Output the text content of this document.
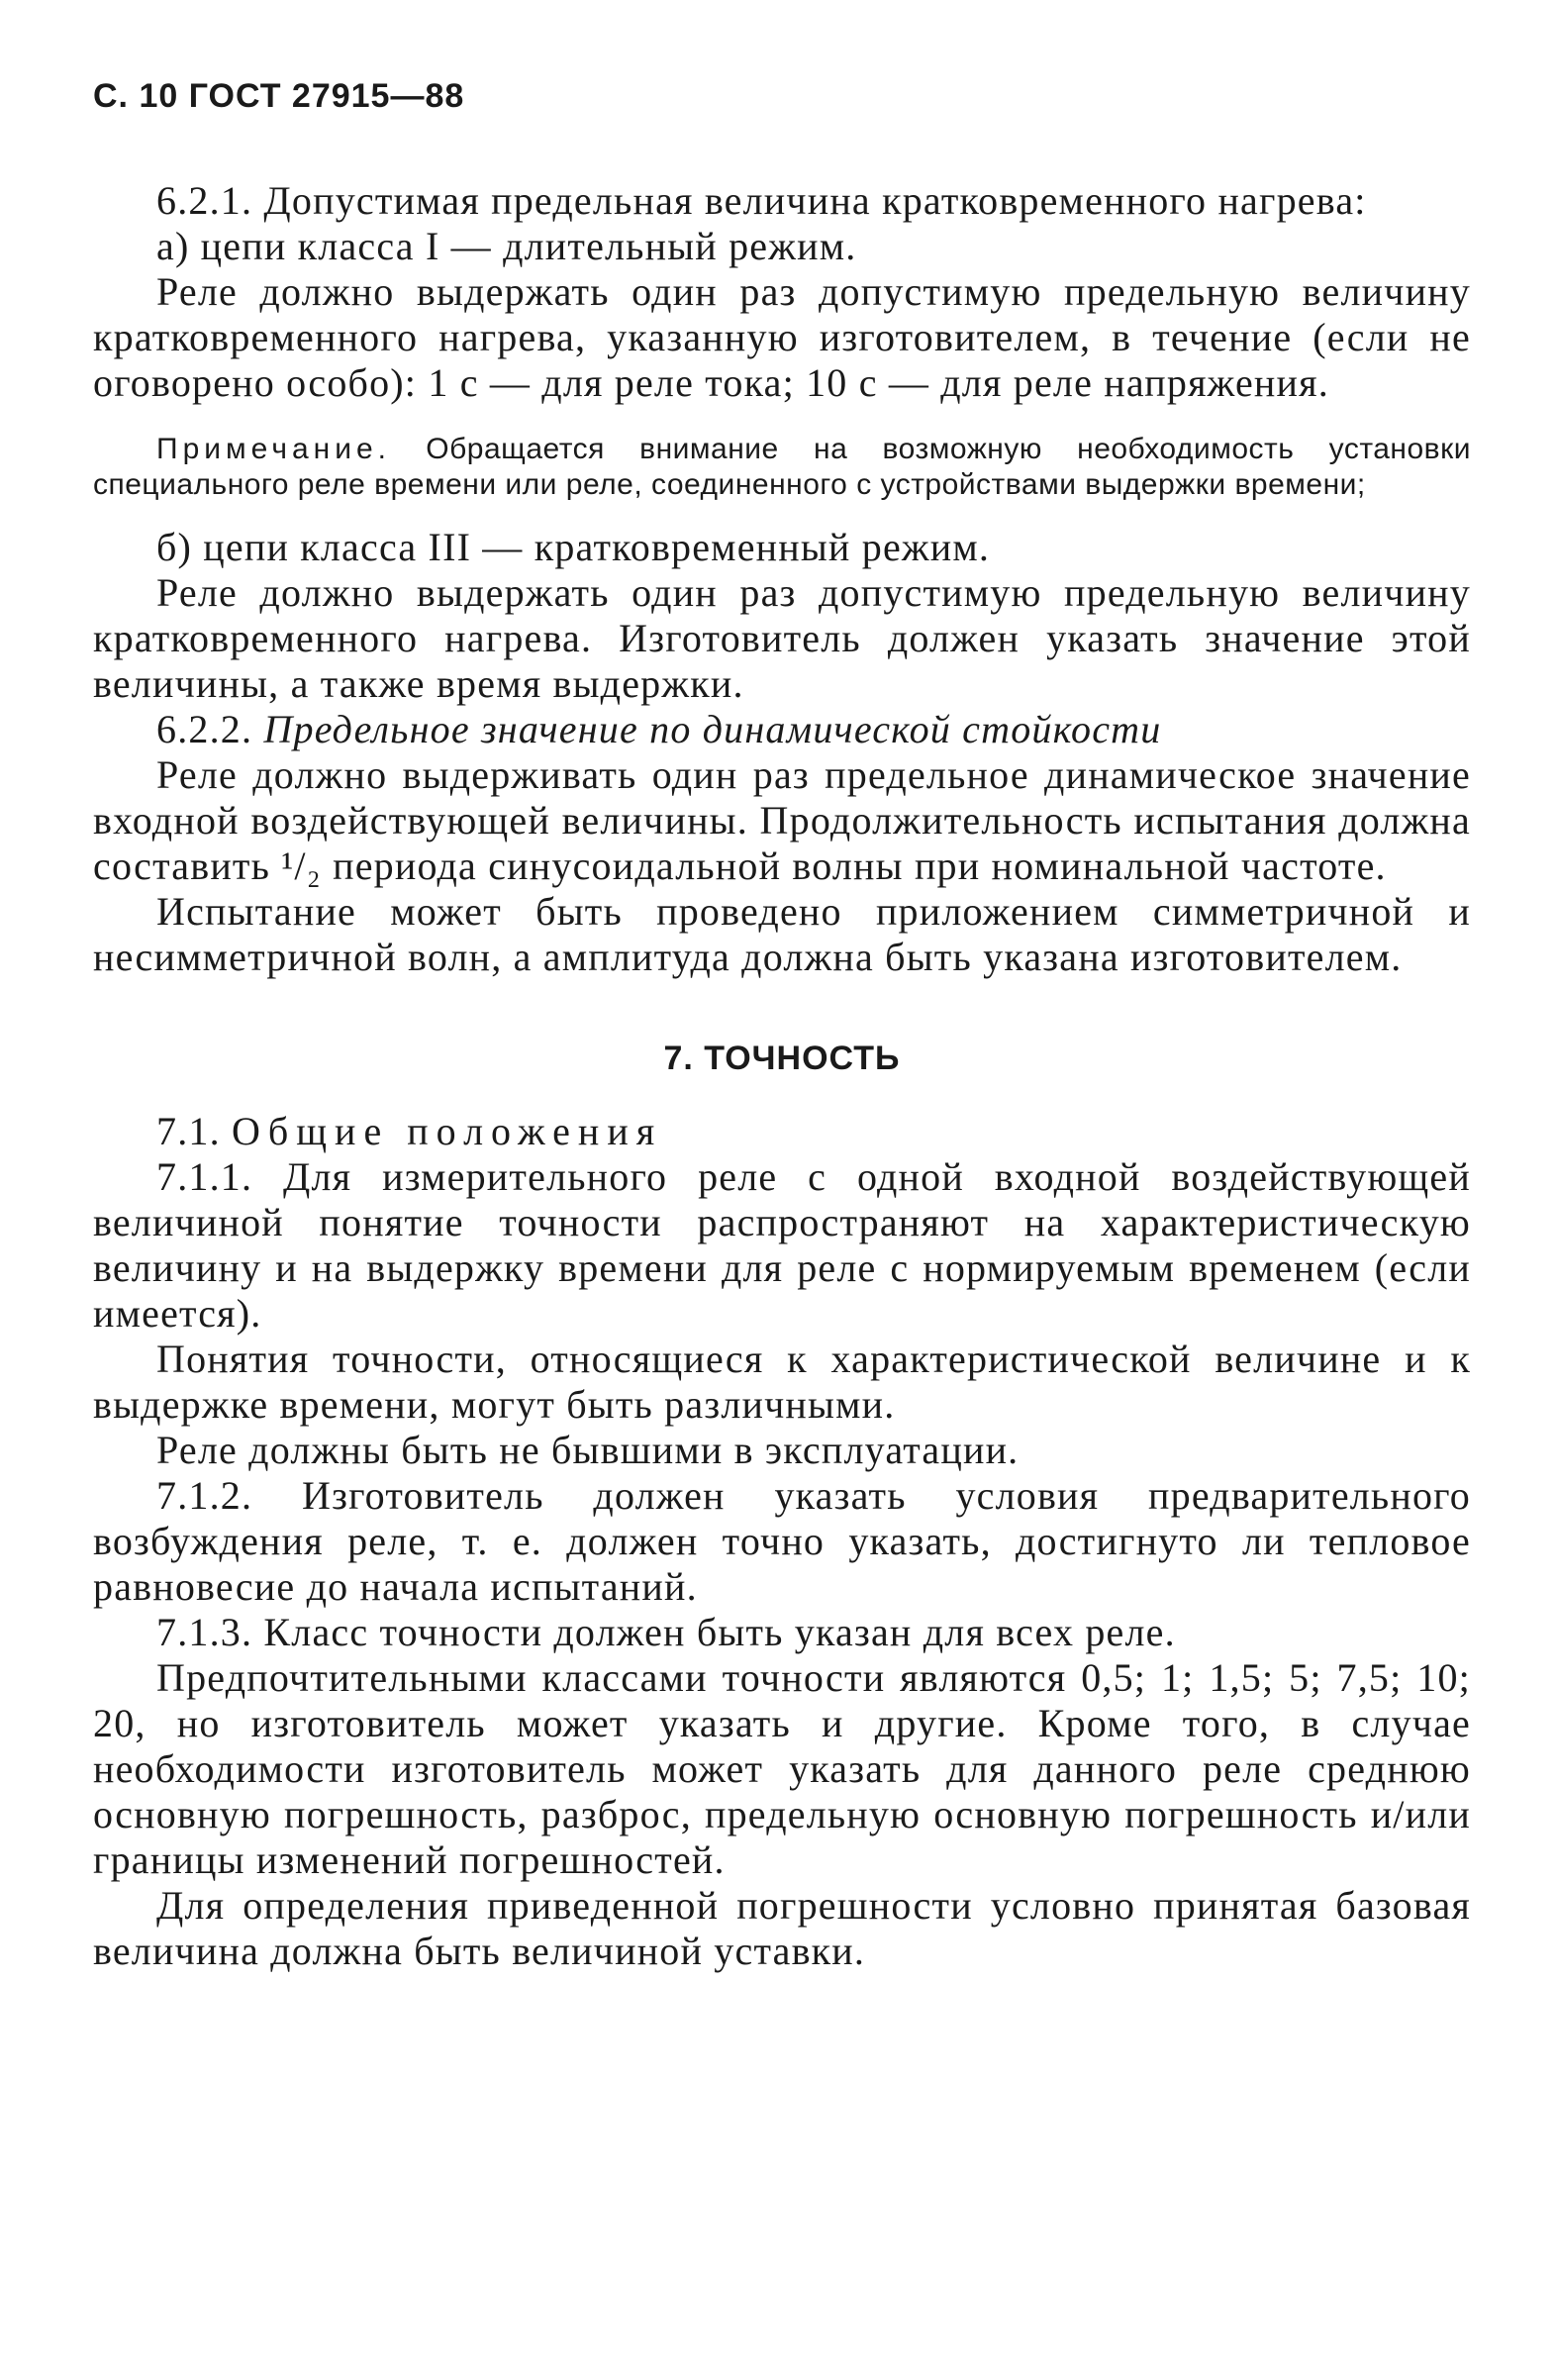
С. 10 ГОСТ 27915—88

6.2.1. Допустимая предельная величина кратковременного нагрева:

а) цепи класса I — длительный режим.

Реле должно выдержать один раз допустимую предельную величину кратковременного нагрева, указанную изготовителем, в течение (если не оговорено особо): 1 с — для реле тока; 10 с — для реле напряжения.

Примечание. Обращается внимание на возможную необходимость установки специального реле времени или реле, соединенного с устройствами выдержки времени;

б) цепи класса III — кратковременный режим.

Реле должно выдержать один раз допустимую предельную величину кратковременного нагрева. Изготовитель должен указать значение этой величины, а также время выдержки.

6.2.2. Предельное значение по динамической стойкости

Реле должно выдерживать один раз предельное динамическое значение входной воздействующей величины. Продолжительность испытания должна составить ¹/₂ периода синусоидальной волны при номинальной частоте.

Испытание может быть проведено приложением симметричной и несимметричной волн, а амплитуда должна быть указана изготовителем.

7. ТОЧНОСТЬ

7.1. Общие положения

7.1.1. Для измерительного реле с одной входной воздействующей величиной понятие точности распространяют на характеристическую величину и на выдержку времени для реле с нормируемым временем (если имеется).

Понятия точности, относящиеся к характеристической величине и к выдержке времени, могут быть различными.

Реле должны быть не бывшими в эксплуатации.

7.1.2. Изготовитель должен указать условия предварительного возбуждения реле, т. е. должен точно указать, достигнуто ли тепловое равновесие до начала испытаний.

7.1.3. Класс точности должен быть указан для всех реле.

Предпочтительными классами точности являются 0,5; 1; 1,5; 5; 7,5; 10; 20, но изготовитель может указать и другие. Кроме того, в случае необходимости изготовитель может указать для данного реле среднюю основную погрешность, разброс, предельную основную погрешность и/или границы изменений погрешностей.

Для определения приведенной погрешности условно принятая базовая величина должна быть величиной уставки.
